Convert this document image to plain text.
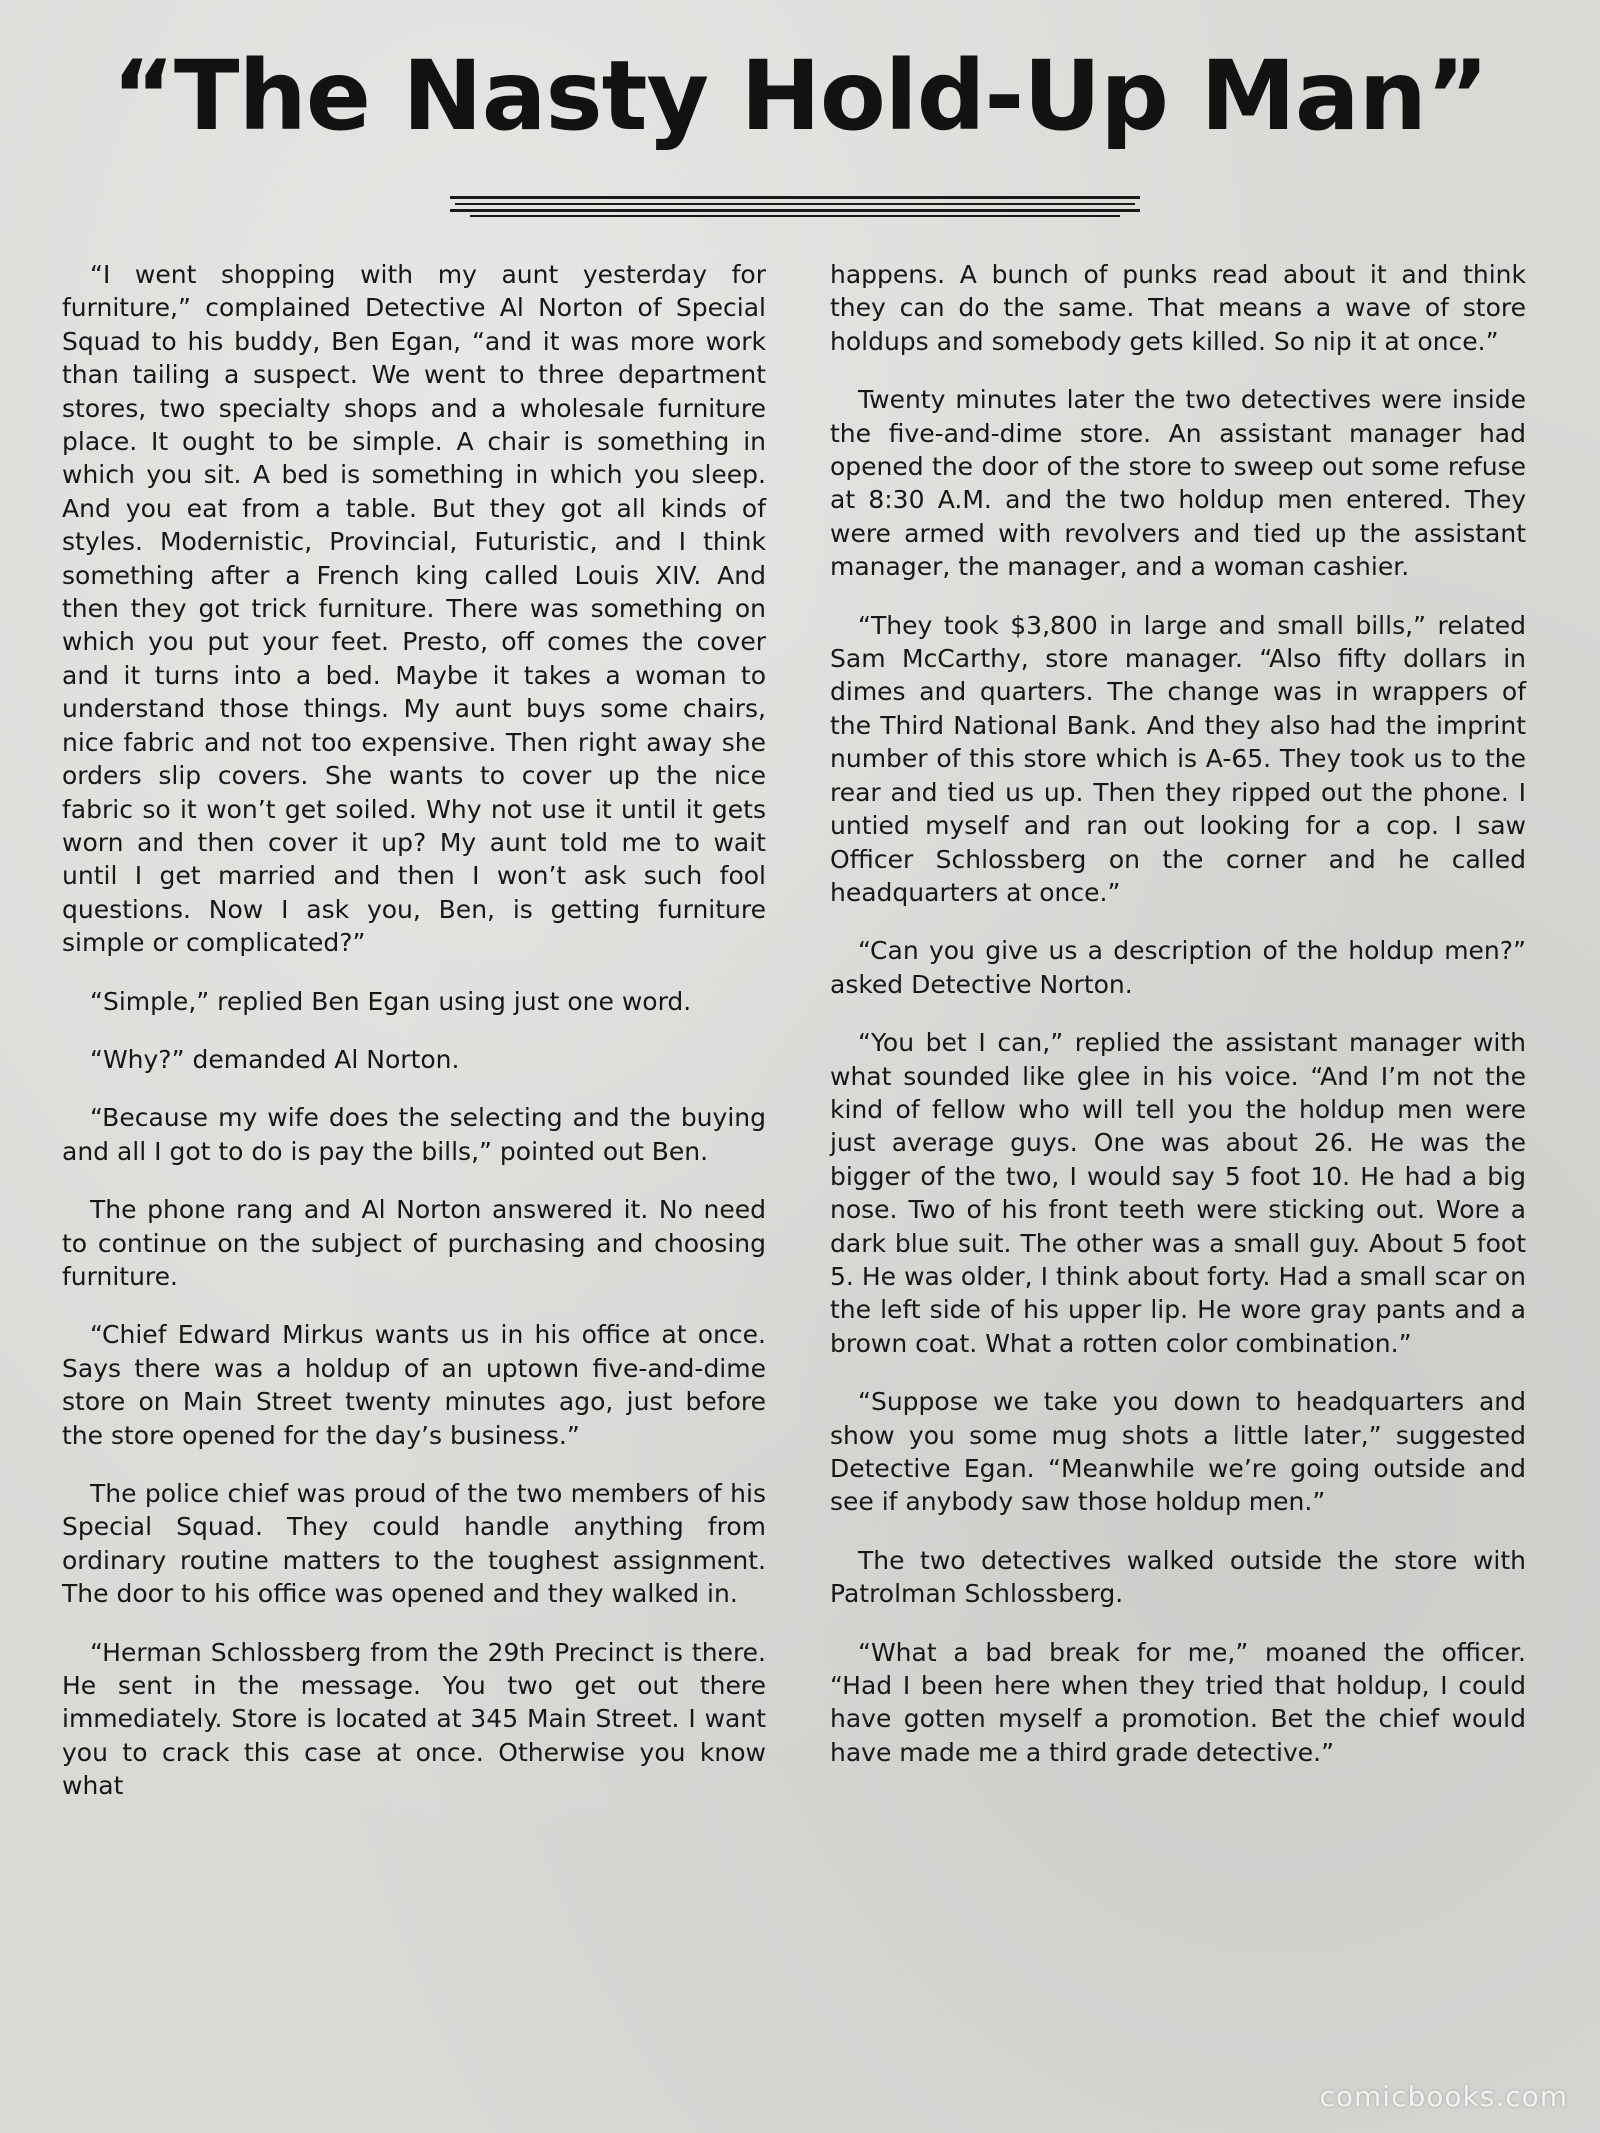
“The Nasty Hold-Up Man”

“I went shopping with my aunt yesterday for furniture,” complained Detective Al Norton of Special Squad to his buddy, Ben Egan, “and it was more work than tailing a suspect. We went to three department stores, two specialty shops and a wholesale furniture place. It ought to be simple. A chair is something in which you sit. A bed is something in which you sleep. And you eat from a table. But they got all kinds of styles. Modernistic, Provincial, Futuristic, and I think something after a French king called Louis XIV. And then they got trick furniture. There was something on which you put your feet. Presto, off comes the cover and it turns into a bed. Maybe it takes a woman to understand those things. My aunt buys some chairs, nice fabric and not too expensive. Then right away she orders slip covers. She wants to cover up the nice fabric so it won’t get soiled. Why not use it until it gets worn and then cover it up? My aunt told me to wait until I get married and then I won’t ask such fool questions. Now I ask you, Ben, is getting furniture simple or complicated?”

“Simple,” replied Ben Egan using just one word.

“Why?” demanded Al Norton.

“Because my wife does the selecting and the buying and all I got to do is pay the bills,” pointed out Ben.

The phone rang and Al Norton answered it. No need to continue on the subject of purchasing and choosing furniture.

“Chief Edward Mirkus wants us in his office at once. Says there was a holdup of an uptown five-and-dime store on Main Street twenty minutes ago, just before the store opened for the day’s business.”

The police chief was proud of the two members of his Special Squad. They could handle anything from ordinary routine matters to the toughest assignment. The door to his office was opened and they walked in.

“Herman Schlossberg from the 29th Precinct is there. He sent in the message. You two get out there immediately. Store is located at 345 Main Street. I want you to crack this case at once. Otherwise you know what

happens. A bunch of punks read about it and think they can do the same. That means a wave of store holdups and somebody gets killed. So nip it at once.”

Twenty minutes later the two detectives were inside the five-and-dime store. An assistant manager had opened the door of the store to sweep out some refuse at 8:30 A.M. and the two holdup men entered. They were armed with revolvers and tied up the assistant manager, the manager, and a woman cashier.

“They took $3,800 in large and small bills,” related Sam McCarthy, store manager. “Also fifty dollars in dimes and quarters. The change was in wrappers of the Third National Bank. And they also had the imprint number of this store which is A-65. They took us to the rear and tied us up. Then they ripped out the phone. I untied myself and ran out looking for a cop. I saw Officer Schlossberg on the corner and he called headquarters at once.”

“Can you give us a description of the holdup men?” asked Detective Norton.

“You bet I can,” replied the assistant manager with what sounded like glee in his voice. “And I’m not the kind of fellow who will tell you the holdup men were just average guys. One was about 26. He was the bigger of the two, I would say 5 foot 10. He had a big nose. Two of his front teeth were sticking out. Wore a dark blue suit. The other was a small guy. About 5 foot 5. He was older, I think about forty. Had a small scar on the left side of his upper lip. He wore gray pants and a brown coat. What a rotten color combination.”

“Suppose we take you down to headquarters and show you some mug shots a little later,” suggested Detective Egan. “Meanwhile we’re going outside and see if anybody saw those holdup men.”

The two detectives walked outside the store with Patrolman Schlossberg.

“What a bad break for me,” moaned the officer. “Had I been here when they tried that holdup, I could have gotten myself a promotion. Bet the chief would have made me a third grade detective.”

comicbooks.com
